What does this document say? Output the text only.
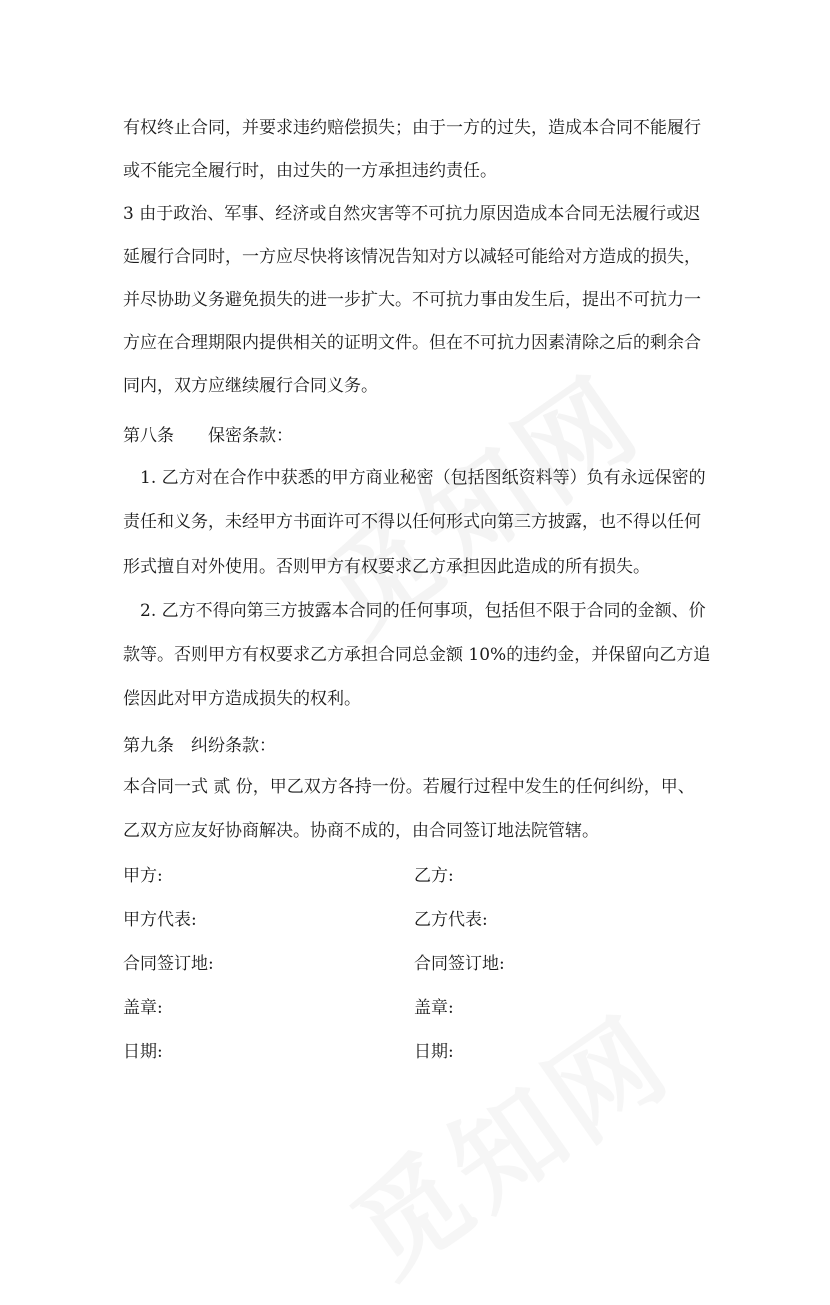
有权终止合同，并要求违约赔偿损失；由于一方的过失，造成本合同不能履行
或不能完全履行时，由过失的一方承担违约责任。
3 由于政治、军事、经济或自然灾害等不可抗力原因造成本合同无法履行或迟
延履行合同时，一方应尽快将该情况告知对方以减轻可能给对方造成的损失，
并尽协助义务避免损失的进一步扩大。不可抗力事由发生后，提出不可抗力一
方应在合理期限内提供相关的证明文件。但在不可抗力因素清除之后的剩余合
同内，双方应继续履行合同义务。
第八条　　保密条款：
　1. 乙方对在合作中获悉的甲方商业秘密（包括图纸资料等）负有永远保密的
责任和义务，未经甲方书面许可不得以任何形式向第三方披露，也不得以任何
形式擅自对外使用。否则甲方有权要求乙方承担因此造成的所有损失。
　2. 乙方不得向第三方披露本合同的任何事项，包括但不限于合同的金额、价
款等。否则甲方有权要求乙方承担合同总金额 10%的违约金，并保留向乙方追
偿因此对甲方造成损失的权利。
第九条　纠纷条款：
本合同一式 贰 份，甲乙双方各持一份。若履行过程中发生的任何纠纷，甲、
乙双方应友好协商解决。协商不成的，由合同签订地法院管辖。
甲方:	乙方:
甲方代表:	乙方代表:
合同签订地:	合同签订地:
盖章:	盖章:
日期:	日期:
